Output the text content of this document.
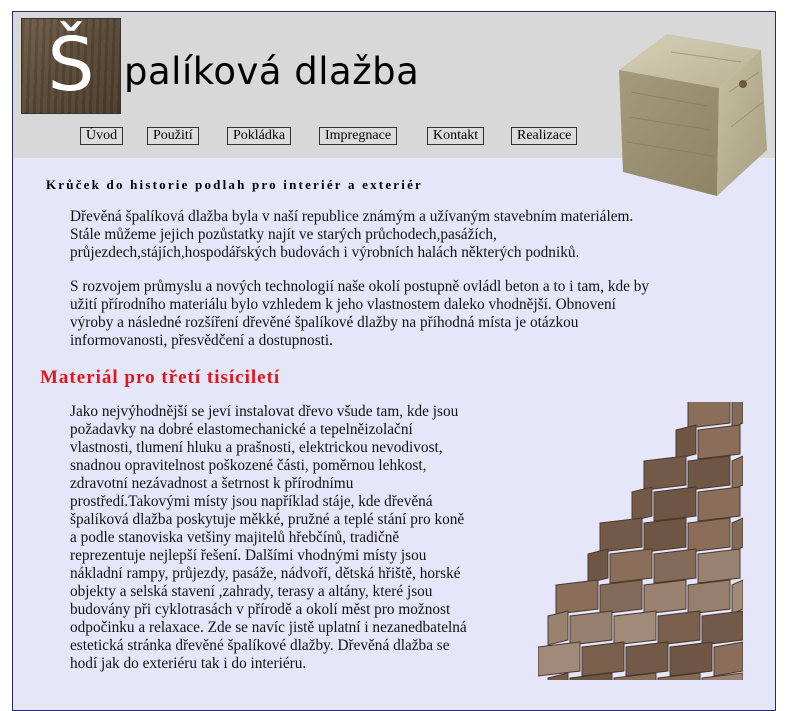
Š palíková dlažba
Úvod	Použití	Pokládka	Impregnace	Kontakt	Realizace
Krůček do historie podlah pro interiér a exteriér
Dřevěná špalíková dlažba byla v naší republice známým a užívaným stavebním materiálem.
Stále můžeme jejich pozůstatky najít ve starých průchodech,pasážích,
průjezdech,stájích,hospodářských budovách i výrobních halách některých podniků.
S rozvojem průmyslu a nových technologií naše okolí postupně ovládl beton a to i tam, kde by
užití přírodního materiálu bylo vzhledem k jeho vlastnostem daleko vhodnější. Obnovení
výroby a následné rozšíření dřevěné špalíkové dlažby na příhodná místa je otázkou
informovanosti, přesvědčení a dostupnosti.
Materiál pro třetí tisíciletí
Jako nejvýhodnější se jeví instalovat dřevo všude tam, kde jsou
požadavky na dobré elastomechanické a tepelněizolační
vlastnosti, tlumení hluku a prašnosti, elektrickou nevodivost,
snadnou opravitelnost poškozené části, poměrnou lehkost,
zdravotní nezávadnost a šetrnost k přírodnímu
prostředí.Takovými místy jsou například stáje, kde dřevěná
špalíková dlažba poskytuje měkké, pružné a teplé stání pro koně
a podle stanoviska vetšiny majitelů hřebčínů, tradičně
reprezentuje nejlepší řešení. Dalšími vhodnými místy jsou
nákladní rampy, průjezdy, pasáže, nádvoří, dětská hřiště, horské
objekty a selská stavení ,zahrady, terasy a altány, které jsou
budovány při cyklotrasách v přírodě a okolí měst pro možnost
odpočinku a relaxace. Zde se navíc jistě uplatní i nezanedbatelná
estetická stránka dřevěné špalíkové dlažby. Dřevěná dlažba se
hodí jak do exteriéru tak i do interiéru.
